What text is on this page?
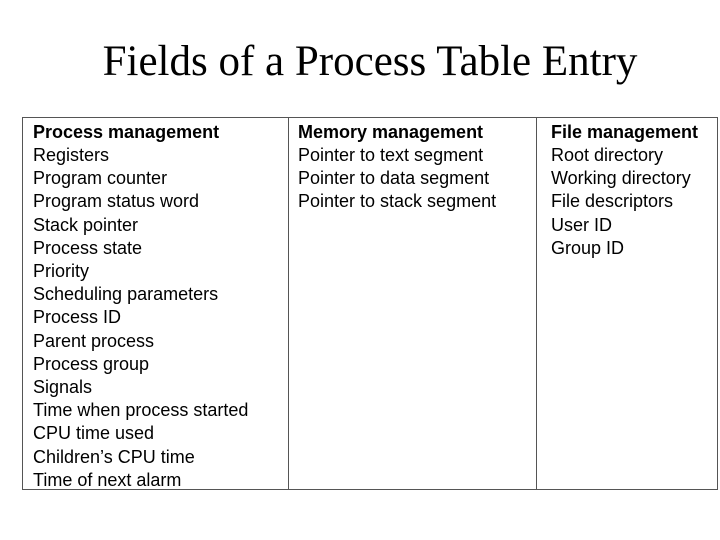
Fields of a Process Table Entry
Process management
Registers
Program counter
Program status word
Stack pointer
Process state
Priority
Scheduling parameters
Process ID
Parent process
Process group
Signals
Time when process started
CPU time used
Children’s CPU time
Time of next alarm
Memory management
Pointer to text segment
Pointer to data segment
Pointer to stack segment
File management
Root directory
Working directory
File descriptors
User ID
Group ID
